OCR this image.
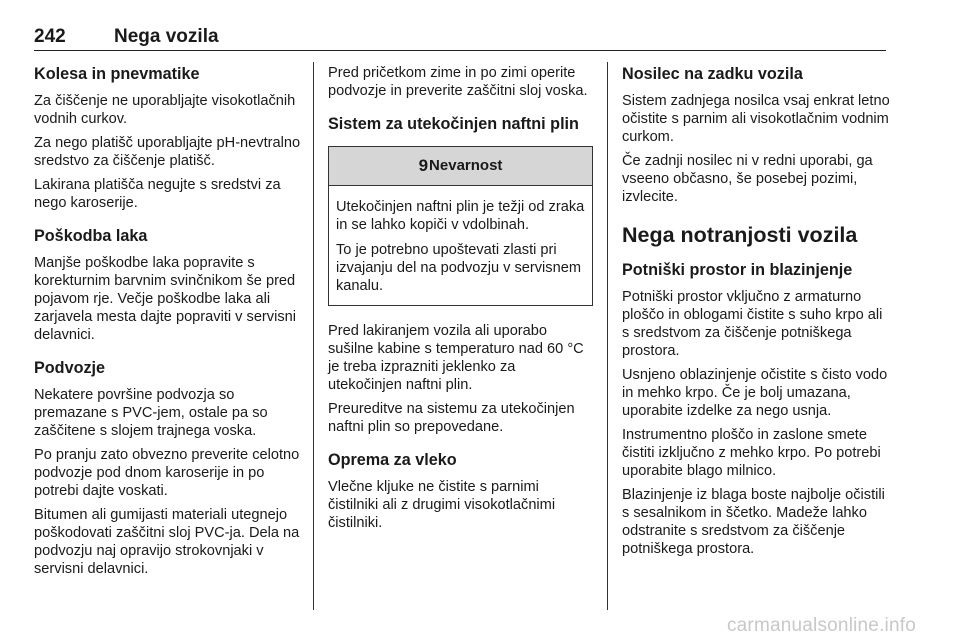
242	Nega vozila
Kolesa in pnevmatike

Za čiščenje ne uporabljajte visokotlačnih vodnih curkov.

Za nego platišč uporabljajte pH-nevtralno sredstvo za čiščenje platišč.

Lakirana platišča negujte s sredstvi za nego karoserije.

Poškodba laka

Manjše poškodbe laka popravite s korekturnim barvnim svinčnikom še pred pojavom rje. Večje poškodbe laka ali zarjavela mesta dajte popraviti v servisni delavnici.

Podvozje

Nekatere površine podvozja so premazane s PVC-jem, ostale pa so zaščitene s slojem trajnega voska.

Po pranju zato obvezno preverite celotno podvozje pod dnom karoserije in po potrebi dajte voskati.

Bitumen ali gumijasti materiali utegnejo poškodovati zaščitni sloj PVC-ja. Dela na podvozju naj opravijo strokovnjaki v servisni delavnici.

Pred pričetkom zime in po zimi operite podvozje in preverite zaščitni sloj voska.

Sistem za utekočinjen naftni plin
9Nevarnost

Utekočinjen naftni plin je težji od zraka in se lahko kopiči v vdolbinah.

To je potrebno upoštevati zlasti pri izvajanju del na podvozju v servisnem kanalu.

Pred lakiranjem vozila ali uporabo sušilne kabine s temperaturo nad 60 °C je treba izprazniti jeklenko za utekočinjen naftni plin.

Preureditve na sistemu za utekočinjen naftni plin so prepovedane.

Oprema za vleko

Vlečne kljuke ne čistite s parnimi čistilniki ali z drugimi visokotlačnimi čistilniki.

Nosilec na zadku vozila

Sistem zadnjega nosilca vsaj enkrat letno očistite s parnim ali visokotlačnim vodnim curkom.

Če zadnji nosilec ni v redni uporabi, ga vseeno občasno, še posebej pozimi, izvlecite.

Nega notranjosti vozila
Potniški prostor in blazinjenje

Potniški prostor vključno z armaturno ploščo in oblogami čistite s suho krpo ali s sredstvom za čiščenje potniškega prostora.

Usnjeno oblazinjenje očistite s čisto vodo in mehko krpo. Če je bolj umazana, uporabite izdelke za nego usnja.

Instrumentno ploščo in zaslone smete čistiti izključno z mehko krpo. Po potrebi uporabite blago milnico.

Blazinjenje iz blaga boste najbolje očistili s sesalnikom in ščetko. Madeže lahko odstranite s sredstvom za čiščenje potniškega prostora.

carmanualsonline.info
